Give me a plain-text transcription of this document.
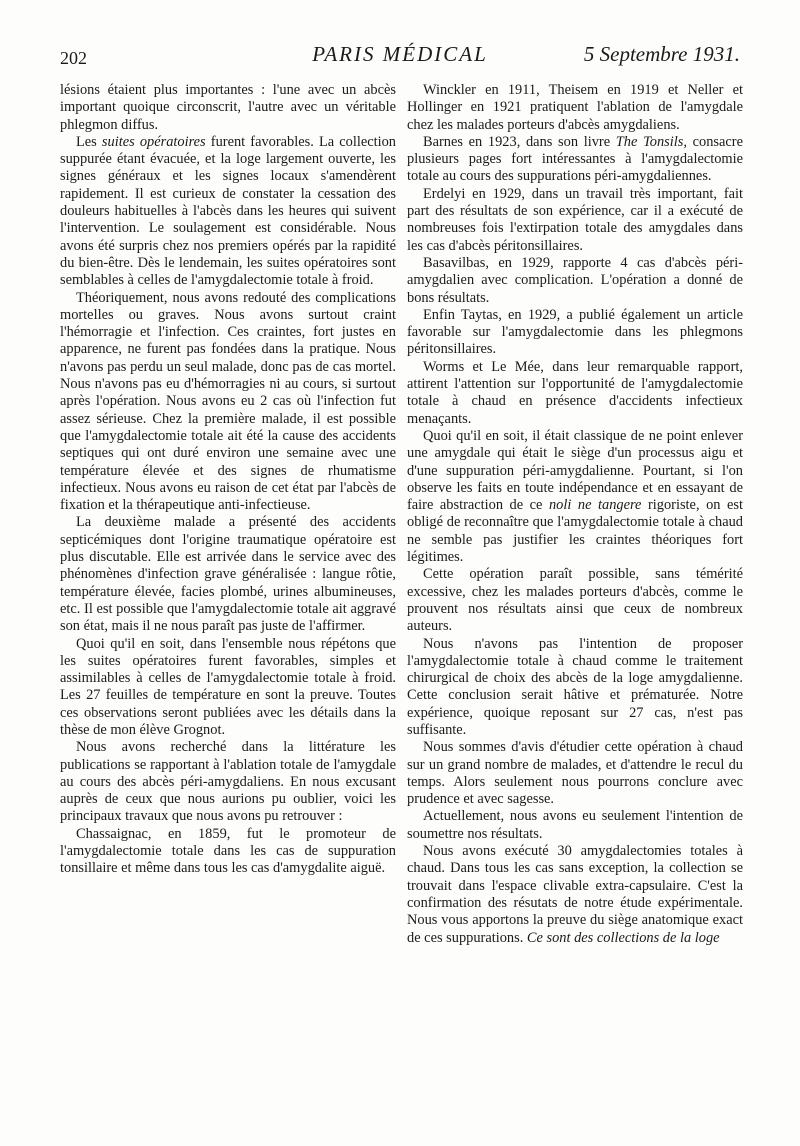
202	PARIS MÉDICAL	5 Septembre 1931.

lésions étaient plus importantes : l'une avec un abcès important quoique circonscrit, l'autre avec un véritable phlegmon diffus.

Les suites opératoires furent favorables. La collection suppurée étant évacuée, et la loge largement ouverte, les signes généraux et les signes locaux s'amendèrent rapidement. Il est curieux de constater la cessation des douleurs habituelles à l'abcès dans les heures qui suivent l'intervention. Le soulagement est considérable. Nous avons été surpris chez nos premiers opérés par la rapidité du bien-être. Dès le lendemain, les suites opératoires sont semblables à celles de l'amygdalectomie totale à froid.

Théoriquement, nous avons redouté des complications mortelles ou graves. Nous avons surtout craint l'hémorragie et l'infection. Ces craintes, fort justes en apparence, ne furent pas fondées dans la pratique. Nous n'avons pas perdu un seul malade, donc pas de cas mortel. Nous n'avons pas eu d'hémorragies ni au cours, si surtout après l'opération. Nous avons eu 2 cas où l'infection fut assez sérieuse. Chez la première malade, il est possible que l'amygdalectomie totale ait été la cause des accidents septiques qui ont duré environ une semaine avec une température élevée et des signes de rhumatisme infectieux. Nous avons eu raison de cet état par l'abcès de fixation et la thérapeutique anti-infectieuse.

La deuxième malade a présenté des accidents septicémiques dont l'origine traumatique opératoire est plus discutable. Elle est arrivée dans le service avec des phénomènes d'infection grave généralisée : langue rôtie, température élevée, facies plombé, urines albumineuses, etc. Il est possible que l'amygdalectomie totale ait aggravé son état, mais il ne nous paraît pas juste de l'affirmer.

Quoi qu'il en soit, dans l'ensemble nous répétons que les suites opératoires furent favorables, simples et assimilables à celles de l'amygdalectomie totale à froid. Les 27 feuilles de température en sont la preuve. Toutes ces observations seront publiées avec les détails dans la thèse de mon élève Grognot.

Nous avons recherché dans la littérature les publications se rapportant à l'ablation totale de l'amygdale au cours des abcès péri-amygdaliens. En nous excusant auprès de ceux que nous aurions pu oublier, voici les principaux travaux que nous avons pu retrouver :

Chassaignac, en 1859, fut le promoteur de l'amygdalectomie totale dans les cas de suppuration tonsillaire et même dans tous les cas d'amygdalite aiguë.

Winckler en 1911, Theisem en 1919 et Neller et Hollinger en 1921 pratiquent l'ablation de l'amygdale chez les malades porteurs d'abcès amygdaliens.

Barnes en 1923, dans son livre The Tonsils, consacre plusieurs pages fort intéressantes à l'amygdalectomie totale au cours des suppurations péri-amygdaliennes.

Erdelyi en 1929, dans un travail très important, fait part des résultats de son expérience, car il a exécuté de nombreuses fois l'extirpation totale des amygdales dans les cas d'abcès péritonsillaires.

Basavilbas, en 1929, rapporte 4 cas d'abcès péri-amygdalien avec complication. L'opération a donné de bons résultats.

Enfin Taytas, en 1929, a publié également un article favorable sur l'amygdalectomie dans les phlegmons péritonsillaires.

Worms et Le Mée, dans leur remarquable rapport, attirent l'attention sur l'opportunité de l'amygdalectomie totale à chaud en présence d'accidents infectieux menaçants.

Quoi qu'il en soit, il était classique de ne point enlever une amygdale qui était le siège d'un processus aigu et d'une suppuration péri-amygdalienne. Pourtant, si l'on observe les faits en toute indépendance et en essayant de faire abstraction de ce noli ne tangere rigoriste, on est obligé de reconnaître que l'amygdalectomie totale à chaud ne semble pas justifier les craintes théoriques fort légitimes.

Cette opération paraît possible, sans témérité excessive, chez les malades porteurs d'abcès, comme le prouvent nos résultats ainsi que ceux de nombreux auteurs.

Nous n'avons pas l'intention de proposer l'amygdalectomie totale à chaud comme le traitement chirurgical de choix des abcès de la loge amygdalienne. Cette conclusion serait hâtive et prématurée. Notre expérience, quoique reposant sur 27 cas, n'est pas suffisante.

Nous sommes d'avis d'étudier cette opération à chaud sur un grand nombre de malades, et d'attendre le recul du temps. Alors seulement nous pourrons conclure avec prudence et avec sagesse.

Actuellement, nous avons eu seulement l'intention de soumettre nos résultats.

Nous avons exécuté 30 amygdalectomies totales à chaud. Dans tous les cas sans exception, la collection se trouvait dans l'espace clivable extra-capsulaire. C'est la confirmation des résutats de notre étude expérimentale. Nous vous apportons la preuve du siège anatomique exact de ces suppurations. Ce sont des collections de la loge
